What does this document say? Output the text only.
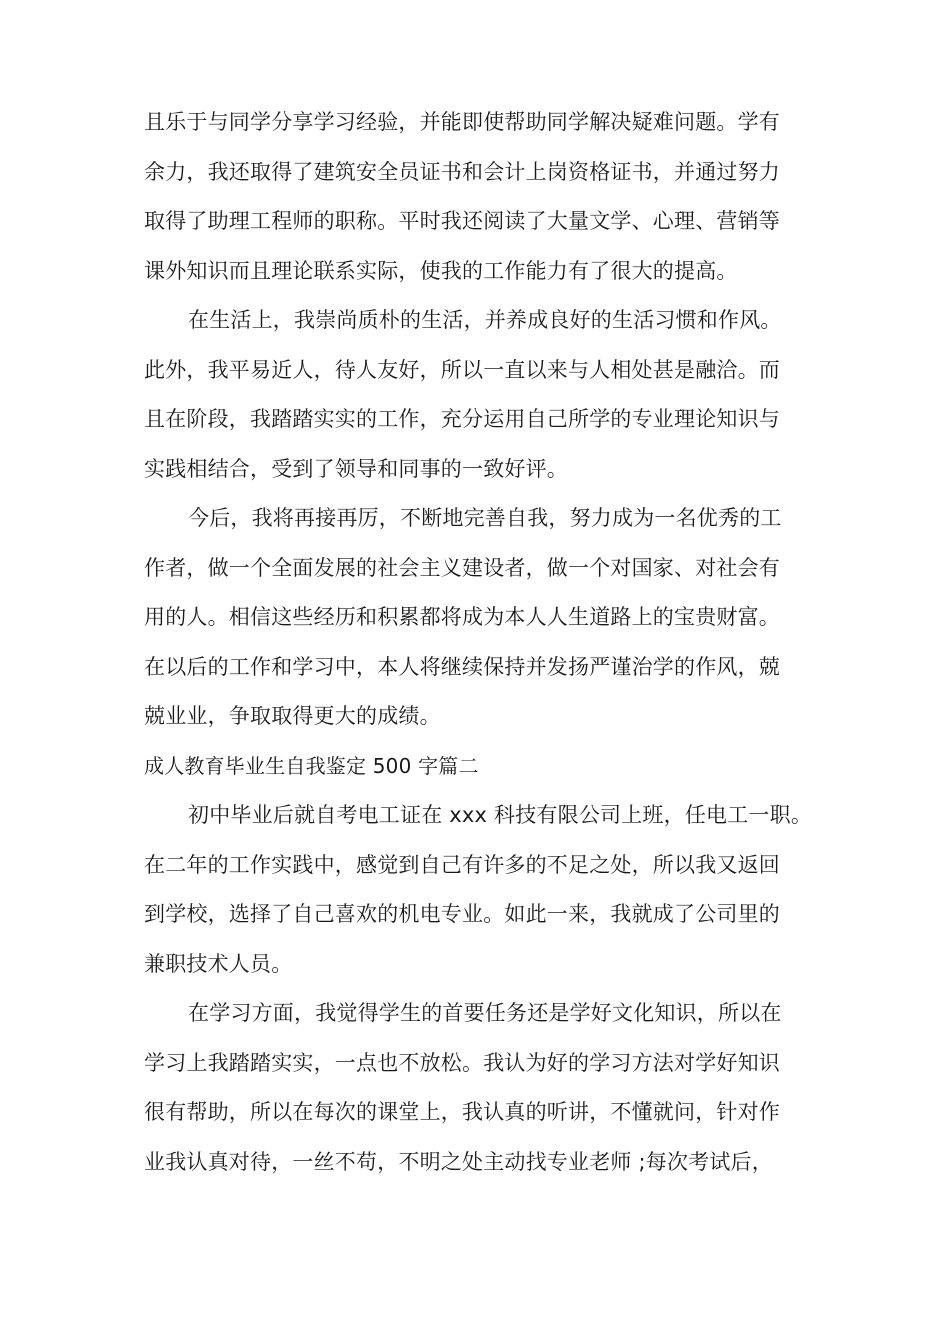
且乐于与同学分享学习经验，并能即使帮助同学解决疑难问题。学有
余力，我还取得了建筑安全员证书和会计上岗资格证书，并通过努力
取得了助理工程师的职称。平时我还阅读了大量文学、心理、营销等
课外知识而且理论联系实际，使我的工作能力有了很大的提高。
在生活上，我崇尚质朴的生活，并养成良好的生活习惯和作风。
此外，我平易近人，待人友好，所以一直以来与人相处甚是融洽。而
且在阶段，我踏踏实实的工作，充分运用自己所学的专业理论知识与
实践相结合，受到了领导和同事的一致好评。
今后，我将再接再厉，不断地完善自我，努力成为一名优秀的工
作者，做一个全面发展的社会主义建设者，做一个对国家、对社会有
用的人。相信这些经历和积累都将成为本人人生道路上的宝贵财富。
在以后的工作和学习中，本人将继续保持并发扬严谨治学的作风，兢
兢业业，争取取得更大的成绩。
成人教育毕业生自我鉴定 500 字篇二
初中毕业后就自考电工证在 xxx 科技有限公司上班，任电工一职。
在二年的工作实践中，感觉到自己有许多的不足之处，所以我又返回
到学校，选择了自己喜欢的机电专业。如此一来，我就成了公司里的
兼职技术人员。
在学习方面，我觉得学生的首要任务还是学好文化知识，所以在
学习上我踏踏实实，一点也不放松。我认为好的学习方法对学好知识
很有帮助，所以在每次的课堂上，我认真的听讲，不懂就问，针对作
业我认真对待，一丝不苟，不明之处主动找专业老师 ;每次考试后，
